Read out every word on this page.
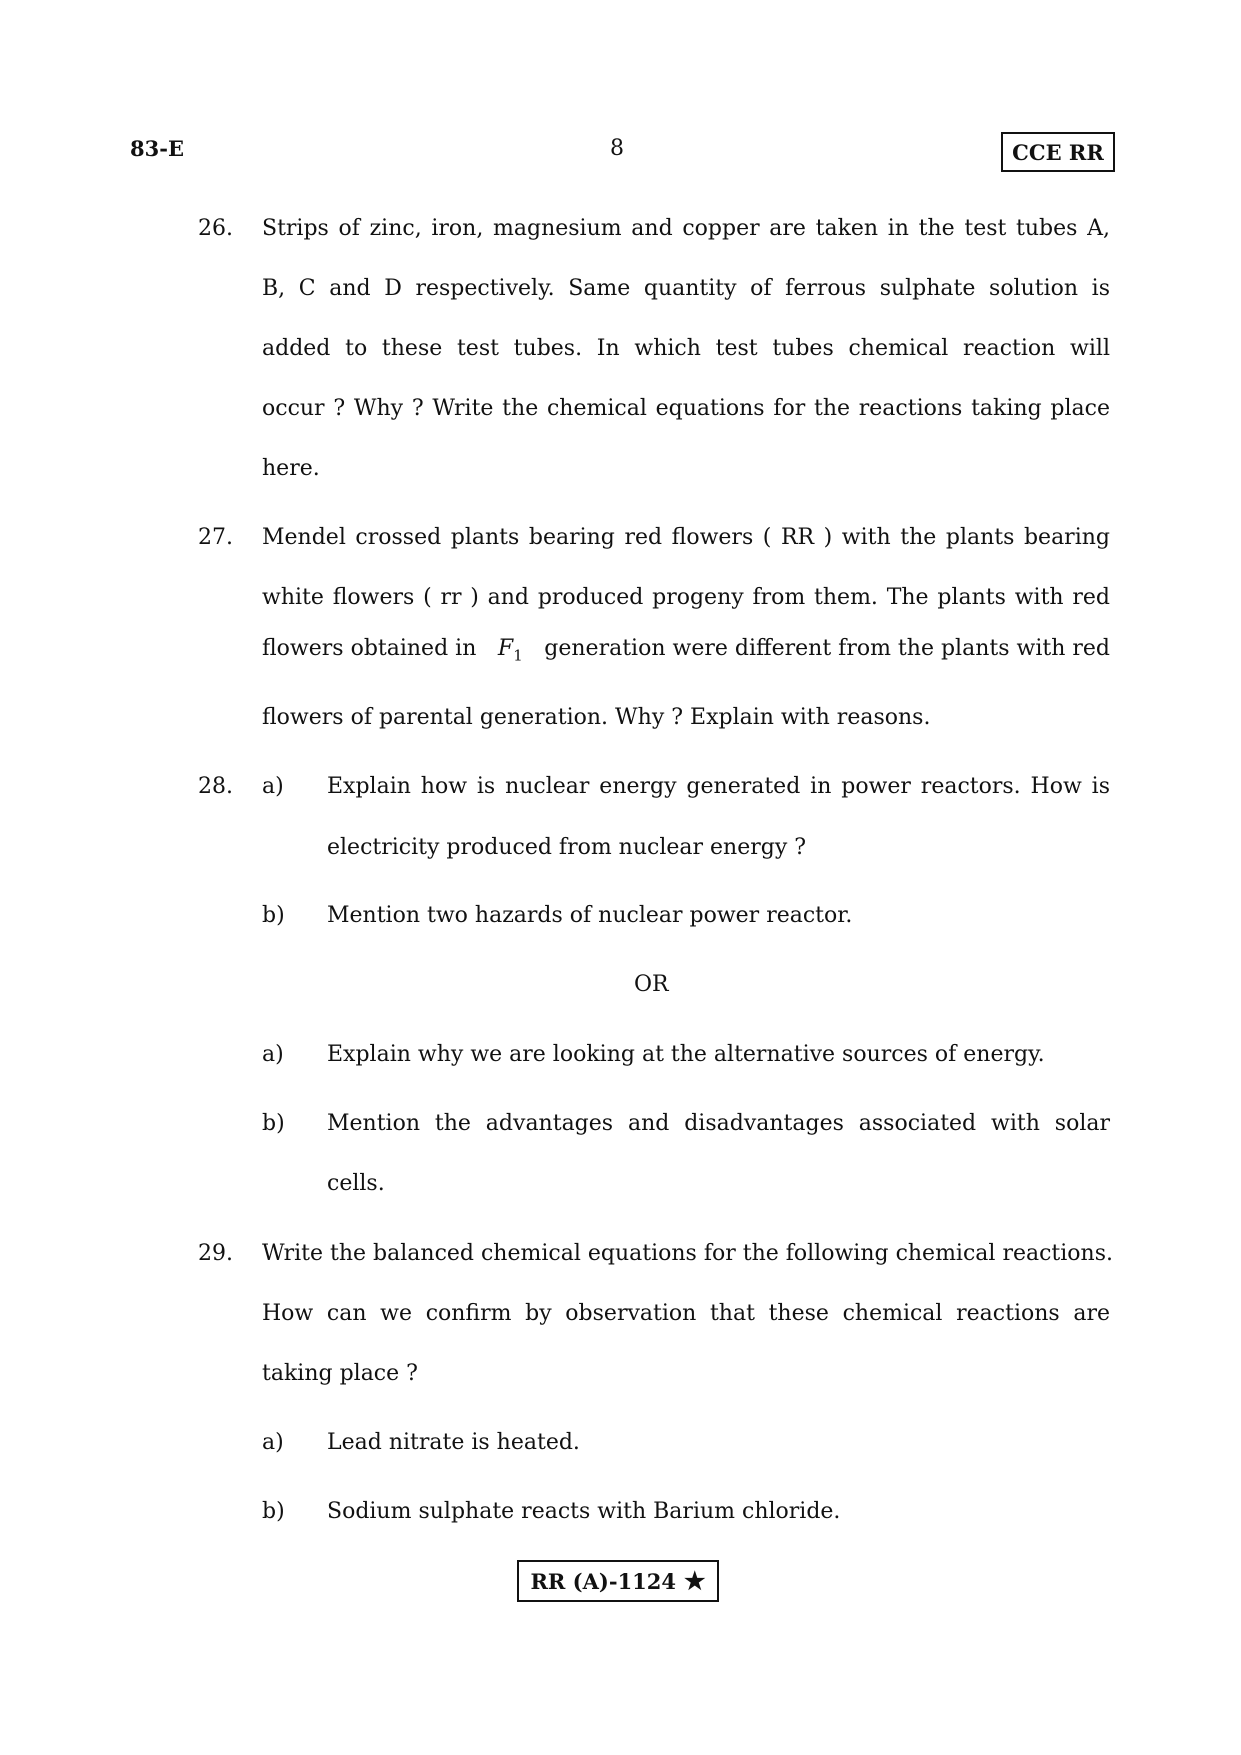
83-E	8	CCE RR
26. Strips of zinc, iron, magnesium and copper are taken in the test tubes A,
B, C and D respectively. Same quantity of ferrous sulphate solution is
added to these test tubes. In which test tubes chemical reaction will
occur ? Why ? Write the chemical equations for the reactions taking place
here.
27. Mendel crossed plants bearing red flowers ( RR ) with the plants bearing
white flowers ( rr ) and produced progeny from them. The plants with red
flowers obtained in $F_1$ generation were different from the plants with red
flowers of parental generation. Why ? Explain with reasons.
28. a) Explain how is nuclear energy generated in power reactors. How is
electricity produced from nuclear energy ?
b) Mention two hazards of nuclear power reactor.
OR
a) Explain why we are looking at the alternative sources of energy.
b) Mention the advantages and disadvantages associated with solar
cells.
29. Write the balanced chemical equations for the following chemical reactions.
How can we confirm by observation that these chemical reactions are
taking place ?
a) Lead nitrate is heated.
b) Sodium sulphate reacts with Barium chloride.
RR (A)-1124 ★
